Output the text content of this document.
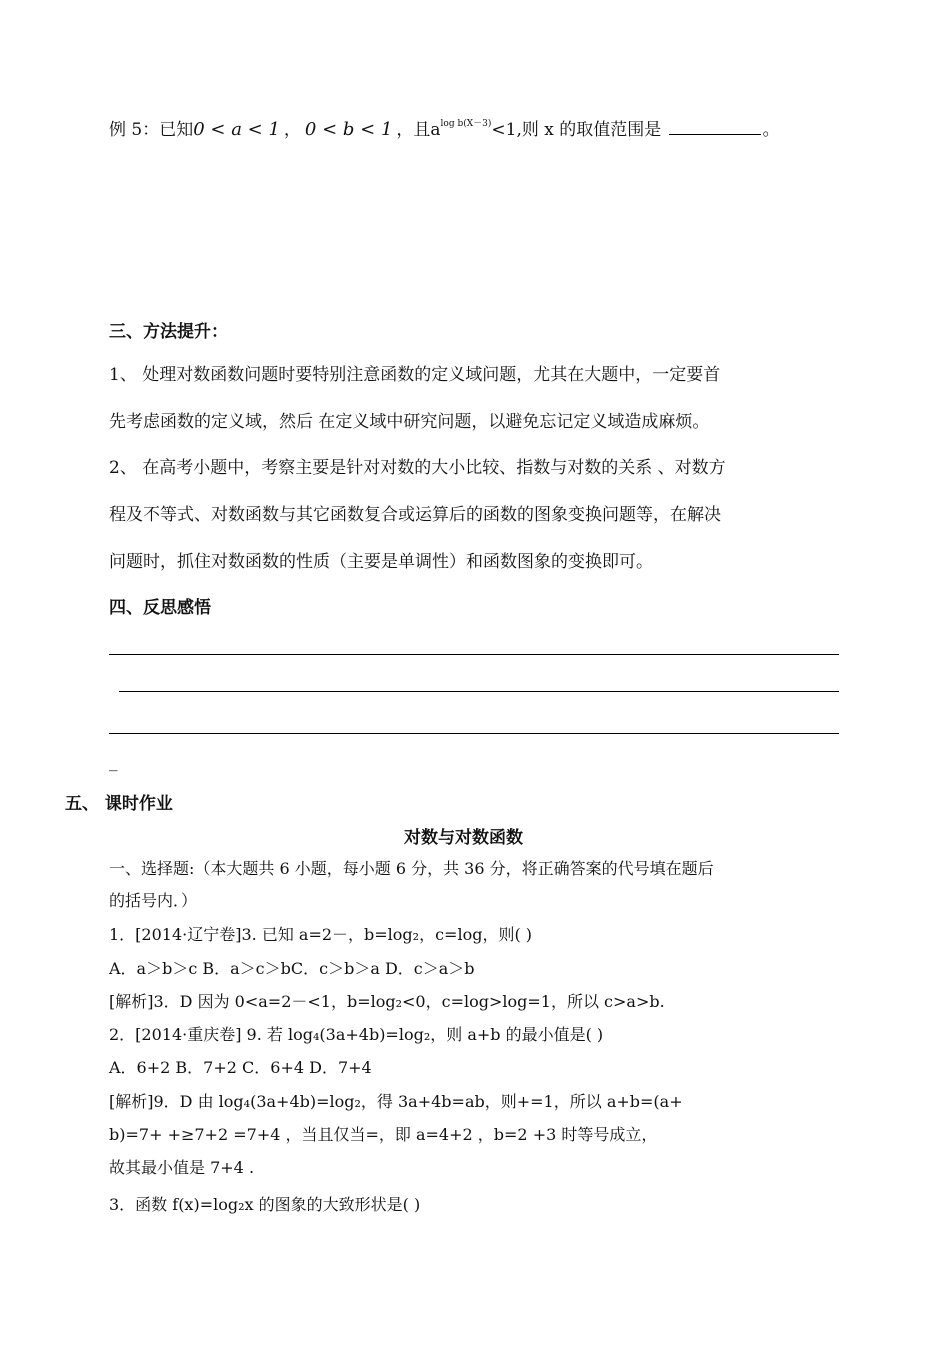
例 5：已知0 < a < 1 ， 0 < b < 1 ，且$a^{log b(X-3)}<1$,则 x 的取值范围是	。
三、方法提升：
1、 处理对数函数问题时要特别注意函数的定义域问题，尤其在大题中，一定要首
先考虑函数的定义域，然后 在定义域中研究问题，以避免忘记定义域造成麻烦。
2、 在高考小题中，考察主要是针对对数的大小比较、指数与对数的关系 、对数方
程及不等式、对数函数与其它函数复合或运算后的函数的图象变换问题等，在解决
问题时，抓住对数函数的性质（主要是单调性）和函数图象的变换即可。
四、反思感悟
_
五、 课时作业
对数与对数函数
一、选择题:（本大题共 6 小题，每小题 6 分，共 36 分，将正确答案的代号填在题后
的括号内．）
1．[2014·辽宁卷]3. 已知 a=2－，b=log₂，c=log，则( )
A．a＞b＞c B．a＞c＞bC．c＞b＞a D．c＞a＞b
[解析]3．D 因为 0<a=2－<1，b=log₂<0，c=log>log=1，所以 c>a>b.
2．[2014·重庆卷] 9. 若 log₄(3a+4b)=log₂，则 a+b 的最小值是( )
A．6+2 B．7+2 C．6+4 D．7+4
[解析]9．D 由 log₄(3a+4b)=log₂，得 3a+4b=ab，则+=1，所以 a+b=(a+
b)=7+ +≥7+2 =7+4 ，当且仅当=，即 a=4+2 ，b=2 +3 时等号成立，
故其最小值是 7+4 .
3．函数 f(x)=log₂x 的图象的大致形状是( )
